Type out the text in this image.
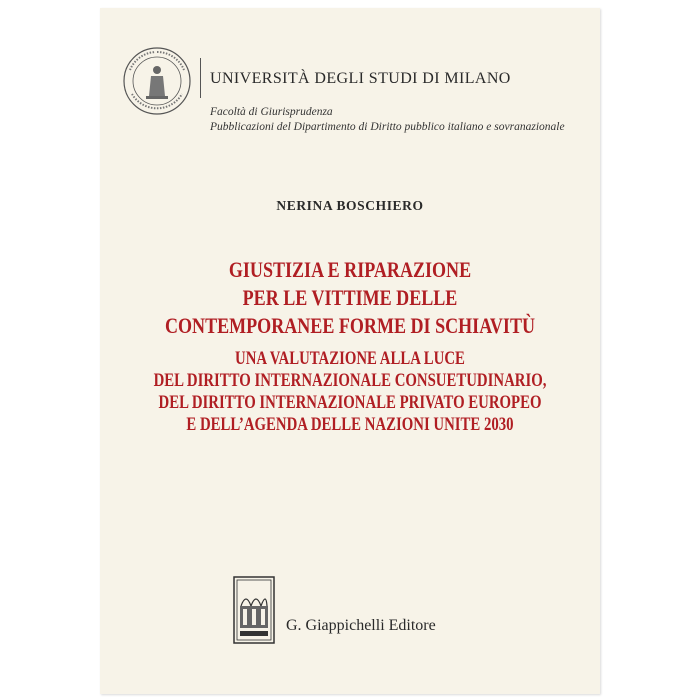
UNIVERSITÀ DEGLI STUDI DI MILANO
Facoltà di Giurisprudenza
Pubblicazioni del Dipartimento di Diritto pubblico italiano e sovranazionale
NERINA BOSCHIERO
GIUSTIZIA E RIPARAZIONE
PER LE VITTIME DELLE
CONTEMPORANEE FORME DI SCHIAVITÙ
UNA VALUTAZIONE ALLA LUCE
DEL DIRITTO INTERNAZIONALE CONSUETUDINARIO,
DEL DIRITTO INTERNAZIONALE PRIVATO EUROPEO
E DELL’AGENDA DELLE NAZIONI UNITE 2030
G. Giappichelli Editore
